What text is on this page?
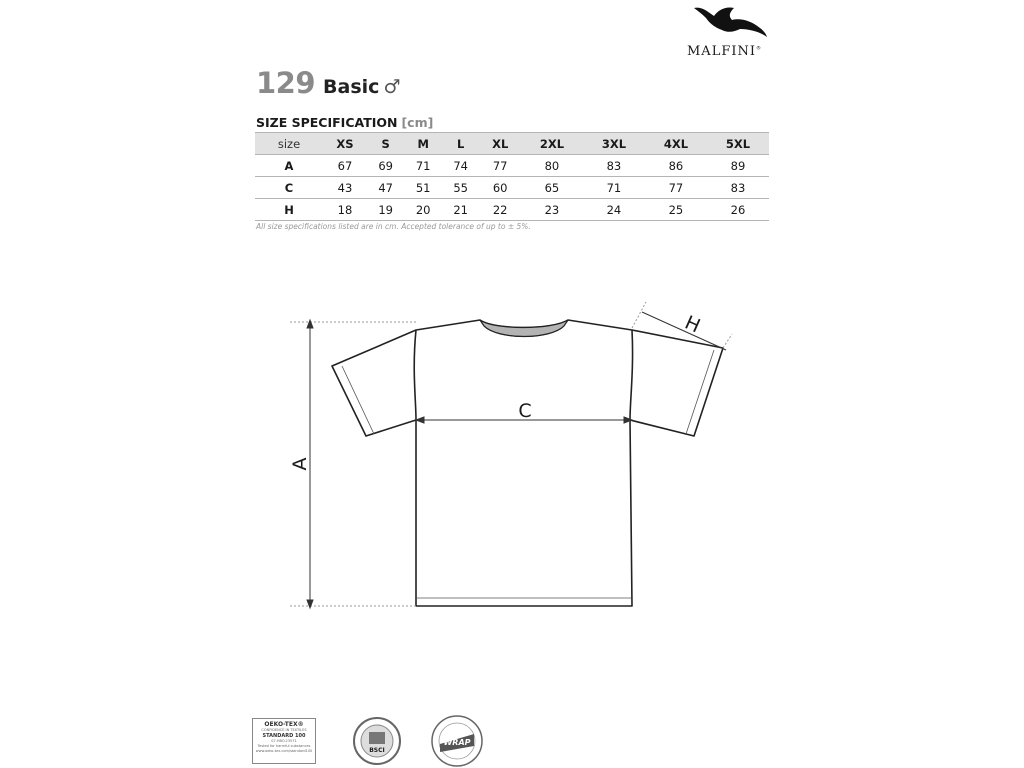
MALFINI®
129 Basic ♂
SIZE SPECIFICATION [cm]
size	XS	S	M	L	XL	2XL	3XL	4XL	5XL
A	67	69	71	74	77	80	83	86	89
C	43	47	51	55	60	65	71	77	83
H	18	19	20	21	22	23	24	25	26
All size specifications listed are in cm. Accepted tolerance of up to ± 5%.
A
C
H
OEKO-TEX®
CONFIDENCE IN TEXTILES
STANDARD 100
07.HBO.23571
Tested for harmful substances
www.oeko-tex.com/standard100	BSCI
WRAP
